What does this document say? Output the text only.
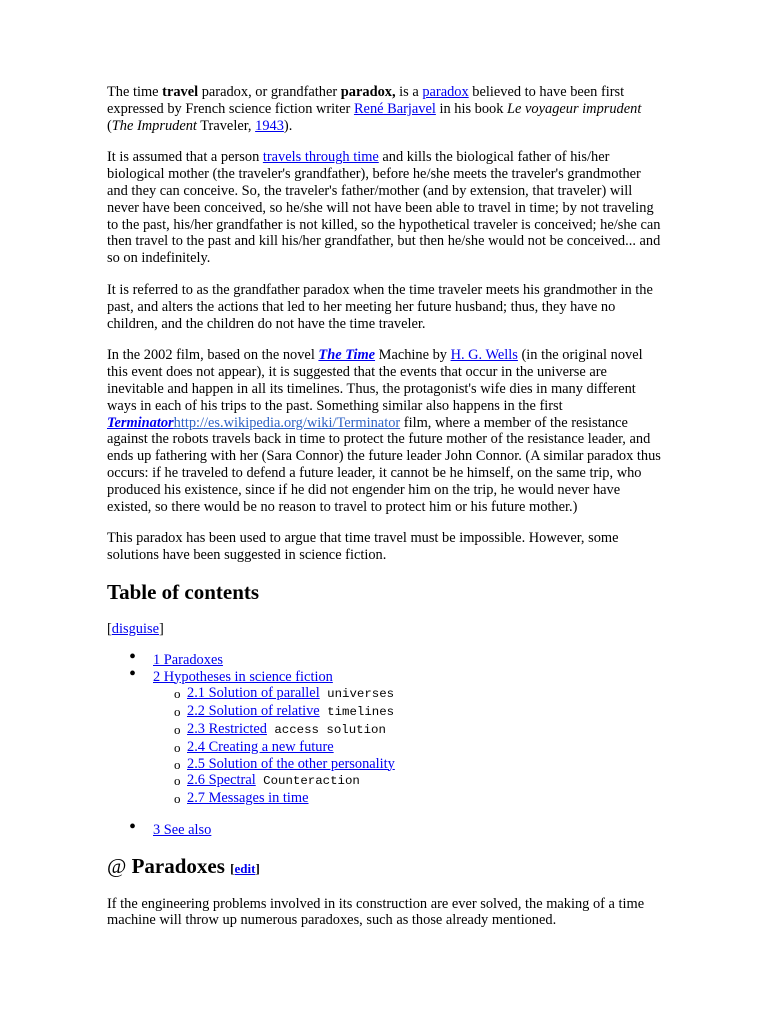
The time travel paradox, or grandfather paradox, is a paradox believed to have been first expressed by French science fiction writer René Barjavel in his book Le voyageur imprudent (The Imprudent Traveler, 1943).

It is assumed that a person travels through time and kills the biological father of his/her biological mother (the traveler's grandfather), before he/she meets the traveler's grandmother and they can conceive. So, the traveler's father/mother (and by extension, that traveler) will never have been conceived, so he/she will not have been able to travel in time; by not traveling to the past, his/her grandfather is not killed, so the hypothetical traveler is conceived; he/she can then travel to the past and kill his/her grandfather, but then he/she would not be conceived... and so on indefinitely.

It is referred to as the grandfather paradox when the time traveler meets his grandmother in the past, and alters the actions that led to her meeting her future husband; thus, they have no children, and the children do not have the time traveler.

In the 2002 film, based on the novel The Time Machine by H. G. Wells (in the original novel this event does not appear), it is suggested that the events that occur in the universe are inevitable and happen in all its timelines. Thus, the protagonist's wife dies in many different ways in each of his trips to the past. Something similar also happens in the first Terminatorhttp://es.wikipedia.org/wiki/Terminator film, where a member of the resistance against the robots travels back in time to protect the future mother of the resistance leader, and ends up fathering with her (Sara Connor) the future leader John Connor. (A similar paradox thus occurs: if he traveled to defend a future leader, it cannot be he himself, on the same trip, who produced his existence, since if he did not engender him on the trip, he would never have existed, so there would be no reason to travel to protect him or his future mother.)

This paradox has been used to argue that time travel must be impossible. However, some solutions have been suggested in science fiction.

Table of contents
[disguise]
• 1 Paradoxes
• 2 Hypotheses in science fiction
o 2.1 Solution of parallel universes
o 2.2 Solution of relative timelines
o 2.3 Restricted access solution
o 2.4 Creating a new future
o 2.5 Solution of the other personality
o 2.6 Spectral Counteraction
o 2.7 Messages in time
• 3 See also
@ Paradoxes [edit]

If the engineering problems involved in its construction are ever solved, the making of a time machine will throw up numerous paradoxes, such as those already mentioned.
